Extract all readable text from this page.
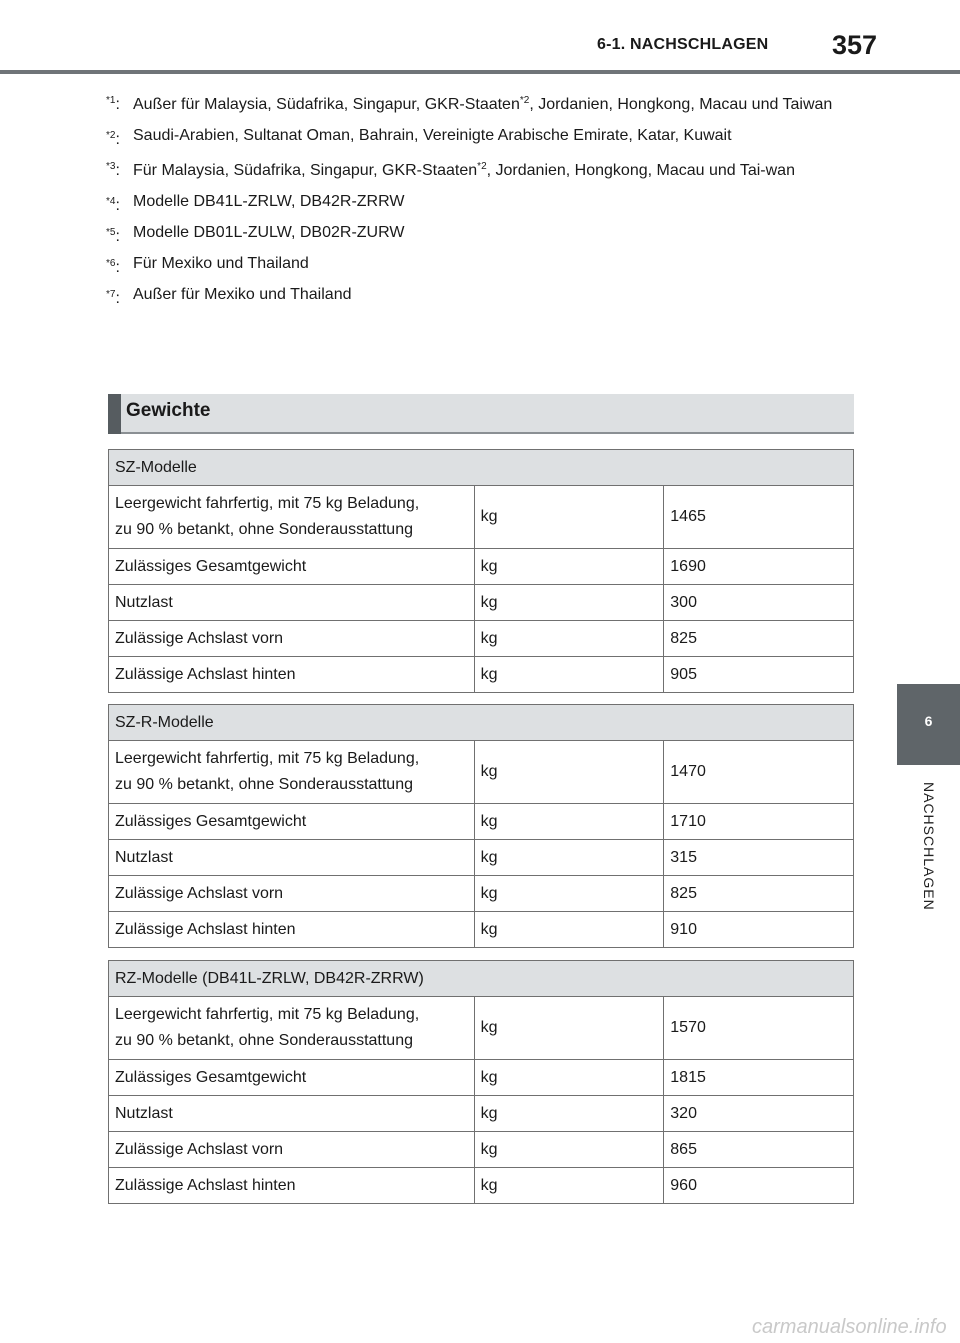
6-1. NACHSCHLAGEN 357
6
NACHSCHLAGEN
$^{*1}$: Außer für Malaysia, Südafrika, Singapur, GKR-Staaten$^{*2}$, Jordanien, Hongkong, Macau und Taiwan
$^{*2}$: Saudi-Arabien, Sultanat Oman, Bahrain, Vereinigte Arabische Emirate, Katar, Kuwait
$^{*3}$: Für Malaysia, Südafrika, Singapur, GKR-Staaten$^{*2}$, Jordanien, Hongkong, Macau und Tai-wan
$^{*4}$: Modelle DB41L-ZRLW, DB42R-ZRRW
$^{*5}$: Modelle DB01L-ZULW, DB02R-ZURW
$^{*6}$: Für Mexiko und Thailand
$^{*7}$: Außer für Mexiko und Thailand
Gewichte
SZ-Modelle		
Leergewicht fahrfertig, mit 75 kg Beladung,
zu 90 % betankt, ohne Sonderausstattung	kg	1465
Zulässiges Gesamtgewicht	kg	1690
Nutzlast	kg	300
Zulässige Achslast vorn	kg	825
Zulässige Achslast hinten	kg	905
SZ-R-Modelle		
Leergewicht fahrfertig, mit 75 kg Beladung,
zu 90 % betankt, ohne Sonderausstattung	kg	1470
Zulässiges Gesamtgewicht	kg	1710
Nutzlast	kg	315
Zulässige Achslast vorn	kg	825
Zulässige Achslast hinten	kg	910
RZ-Modelle (DB41L-ZRLW, DB42R-ZRRW)		
Leergewicht fahrfertig, mit 75 kg Beladung,
zu 90 % betankt, ohne Sonderausstattung	kg	1570
Zulässiges Gesamtgewicht	kg	1815
Nutzlast	kg	320
Zulässige Achslast vorn	kg	865
Zulässige Achslast hinten	kg	960
carmanualsonline.info
